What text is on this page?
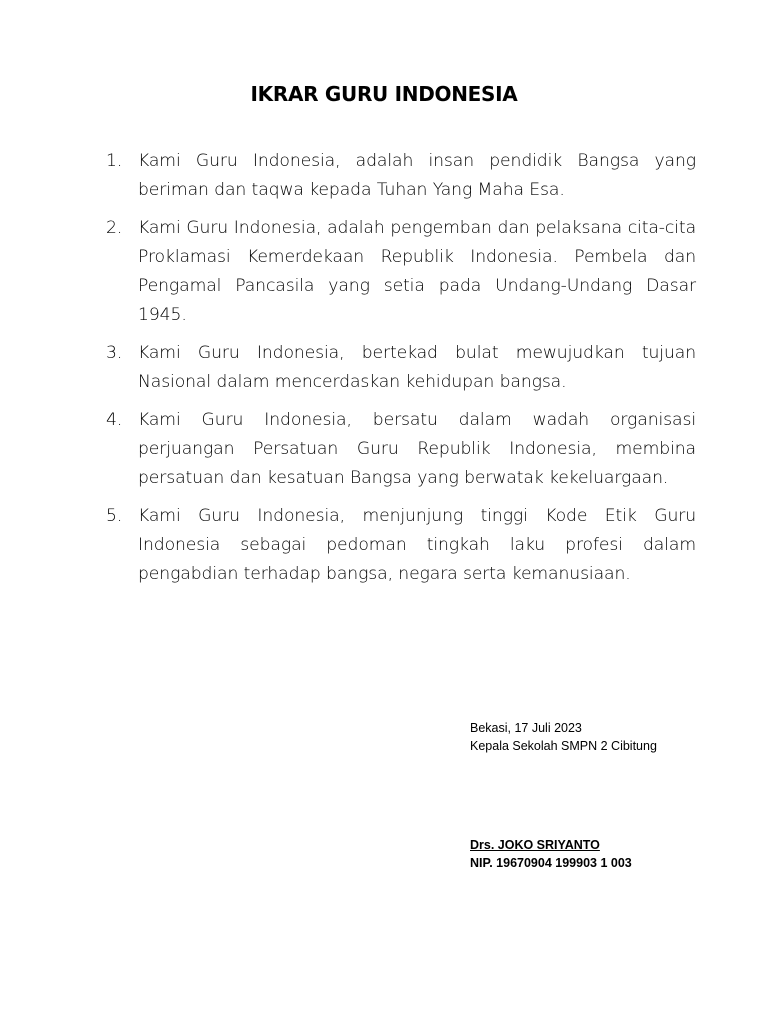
IKRAR GURU INDONESIA
1. Kami Guru Indonesia, adalah insan pendidik Bangsa yang beriman dan taqwa kepada Tuhan Yang Maha Esa.
2. Kami Guru Indonesia, adalah pengemban dan pelaksana cita-cita Proklamasi Kemerdekaan Republik Indonesia. Pembela dan Pengamal Pancasila yang setia pada Undang-Undang Dasar 1945.
3. Kami Guru Indonesia, bertekad bulat mewujudkan tujuan Nasional dalam mencerdaskan kehidupan bangsa.
4. Kami Guru Indonesia, bersatu dalam wadah organisasi perjuangan Persatuan Guru Republik Indonesia, membina persatuan dan kesatuan Bangsa yang berwatak kekeluargaan.
5. Kami Guru Indonesia, menjunjung tinggi Kode Etik Guru Indonesia sebagai pedoman tingkah laku profesi dalam pengabdian terhadap bangsa, negara serta kemanusiaan.
Bekasi, 17 Juli 2023
Kepala Sekolah SMPN 2 Cibitung
Drs. JOKO SRIYANTO
NIP. 19670904 199903 1 003
